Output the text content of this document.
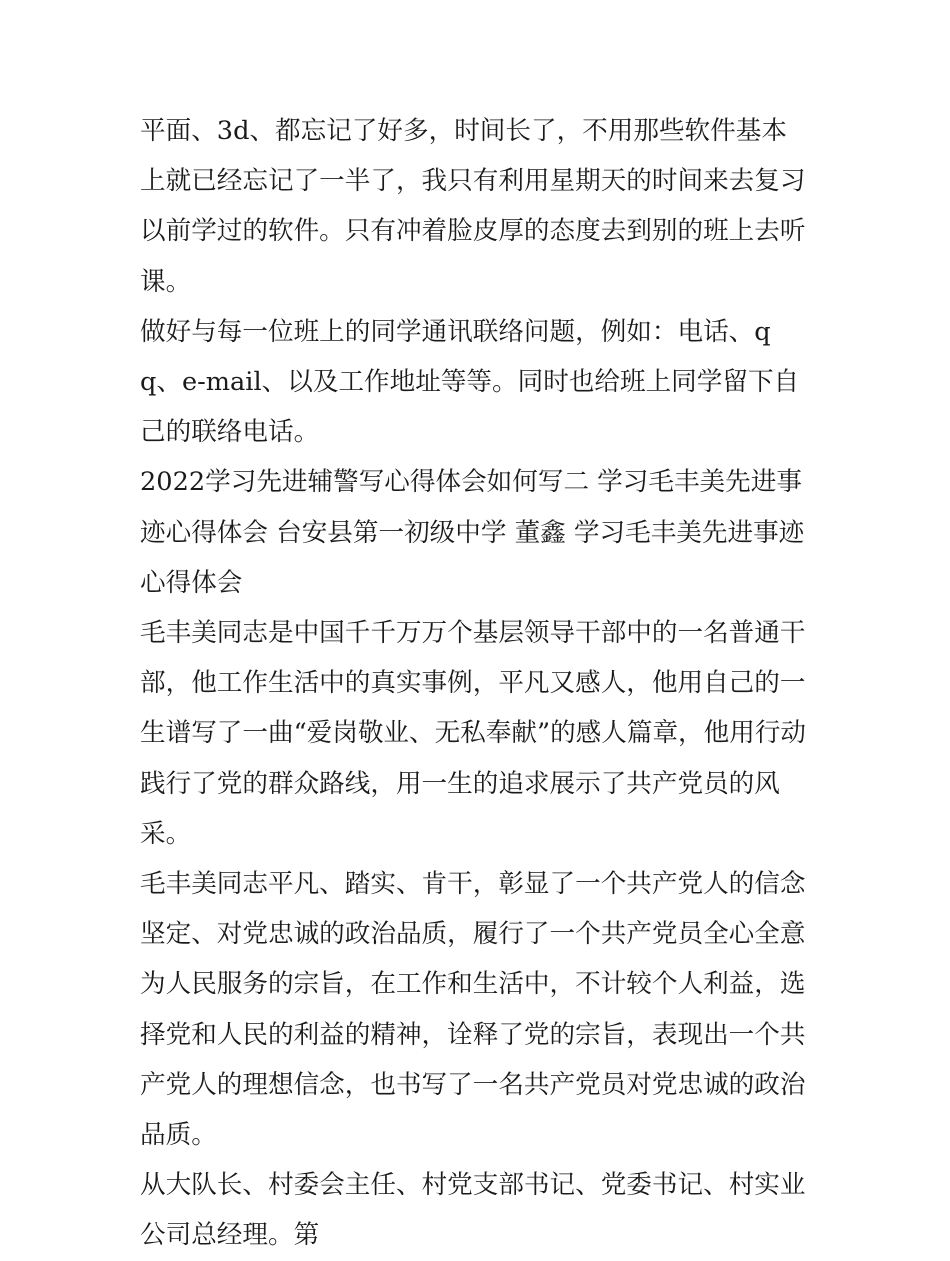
平面、3d、都忘记了好多，时间长了，不用那些软件基本上就已经忘记了一半了，我只有利用星期天的时间来去复习以前学过的软件。只有冲着脸皮厚的态度去到别的班上去听课。

做好与每一位班上的同学通讯联络问题，例如：电话、qq、e-mail、以及工作地址等等。同时也给班上同学留下自己的联络电话。

2022学习先进辅警写心得体会如何写二 学习毛丰美先进事迹心得体会 台安县第一初级中学 董鑫 学习毛丰美先进事迹心得体会

毛丰美同志是中国千千万万个基层领导干部中的一名普通干部，他工作生活中的真实事例，平凡又感人，他用自己的一生谱写了一曲“爱岗敬业、无私奉献”的感人篇章，他用行动践行了党的群众路线，用一生的追求展示了共产党员的风采。

毛丰美同志平凡、踏实、肯干，彰显了一个共产党人的信念坚定、对党忠诚的政治品质，履行了一个共产党员全心全意为人民服务的宗旨，在工作和生活中，不计较个人利益，选择党和人民的利益的精神，诠释了党的宗旨，表现出一个共产党人的理想信念，也书写了一名共产党员对党忠诚的政治品质。

从大队长、村委会主任、村党支部书记、党委书记、村实业公司总经理。第
